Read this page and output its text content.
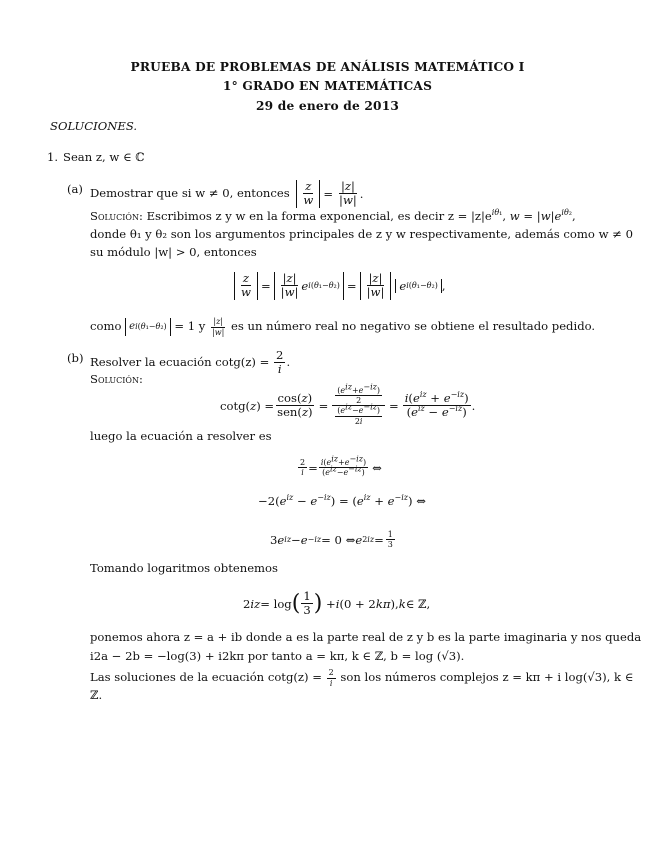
PRUEBA DE PROBLEMAS DE ANÁLISIS MATEMÁTICO I
1° GRADO EN MATEMÁTICAS
29 de enero de 2013
SOLUCIONES.
1. Sean z, w ∈ ℂ
(a) Demostrar que si w ≠ 0, entonces $\frac{z}{w} = \frac{|z|}{|w|}$ .
Solución: Escribimos z y w en la forma exponencial, es decir $z = |z|e^{i\theta_1}$, $w = |w|e^{i\theta_2}$,
donde θ₁ y θ₂ son los argumentos principales de z y w respectivamente, además como w ≠ 0
su módulo |w| > 0, entonces
$\frac{z}{w} = \frac{|z|}{|w|}$ e $i(\theta_1-\theta_2) = \frac{|z|}{|w|}$ e i(θ₁−θ₂) ,
como e i(θ₁−θ₂) = 1 y $\frac{|z|}{|w|}$ es un número real no negativo se obtiene el resultado pedido.
(b) Resolver la ecuación $\cot g(z) = \frac{2}{i}$ .
Solución:
cotg( z ) = $\frac{\cos(z)}{\text{sen(z)}} = \frac{\frac{(e^{iz}+e^{-iz})}{2}}{\frac{(e^{iz}-e^{-iz})}{2i}} = \frac{i(e^{iz} + e^{-iz})}{(e^{iz} - e^{-iz})}$ .
luego la ecuación a resolver es
$\frac{2}{i} = \frac{i(e^{iz}+e^{-iz})}{(e^{iz}-e^{-iz})}$ ⇔
$-2(e^{iz} - e^{-iz}) = (e^{iz} + e^{-iz})$ ⇔
3 e iz − e −iz = 0 ⇔ e $2iz = \frac{1}{3}$
Tomando logaritmos obtenemos
2 iz = log ( $\frac{1}{3}$ ) + i (0 + 2 kπ ), k ∈ ℤ,
ponemos ahora z = a + ib donde a es la parte real de z y b es la parte imaginaria y nos queda
i2a − 2b = −log(3) + i2kπ por tanto a = kπ, k ∈ ℤ, b = log (√3).
Las soluciones de la ecuación $\cot g(z) = \frac{2}{i}$ son los números complejos z = kπ + i log(√3), k ∈
ℤ.
